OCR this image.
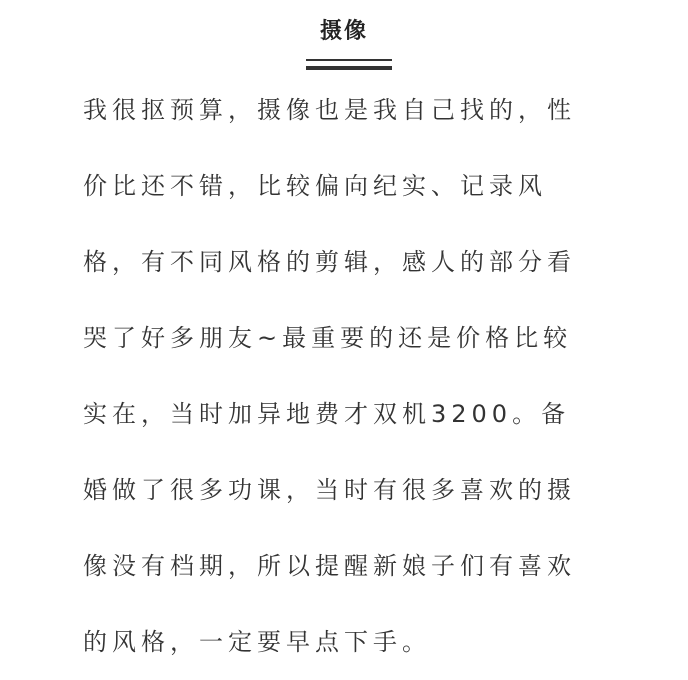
摄像
我很抠预算，摄像也是我自己找的，性
价比还不错，比较偏向纪实、记录风
格，有不同风格的剪辑，感人的部分看
哭了好多朋友~最重要的还是价格比较
实在，当时加异地费才双机3200。备
婚做了很多功课，当时有很多喜欢的摄
像没有档期，所以提醒新娘子们有喜欢
的风格，一定要早点下手。
